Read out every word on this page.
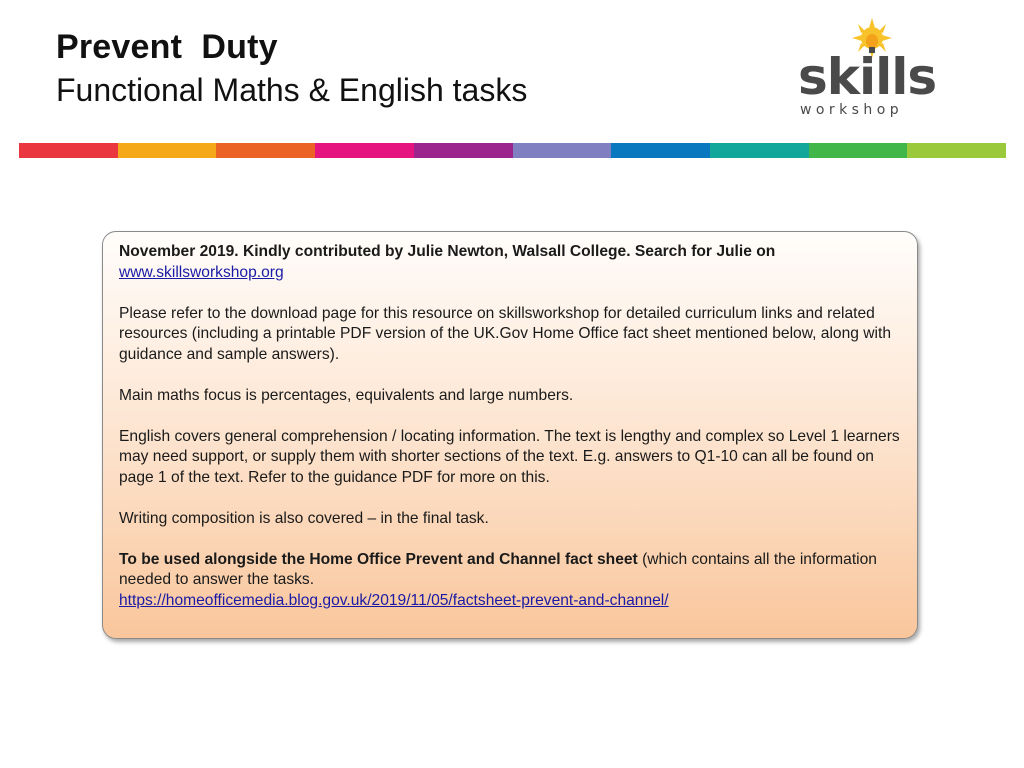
Prevent  Duty
Functional Maths & English tasks	skills
w o r k s h o p

November 2019. Kindly contributed by Julie Newton, Walsall College. Search for Julie on
www.skillsworkshop.org

Please refer to the download page for this resource on skillsworkshop for detailed curriculum links and related resources (including a printable PDF version of the UK.Gov Home Office fact sheet mentioned below, along with guidance and sample answers).

Main maths focus is percentages, equivalents and large numbers.

English covers general comprehension / locating information. The text is lengthy and complex so Level 1 learners may need support, or supply them with shorter sections of the text. E.g. answers to Q1-10 can all be found on page 1 of the text. Refer to the guidance PDF for more on this.

Writing composition is also covered – in the final task.

To be used alongside the Home Office Prevent and Channel fact sheet (which contains all the information needed to answer the tasks.
https://homeofficemedia.blog.gov.uk/2019/11/05/factsheet-prevent-and-channel/
